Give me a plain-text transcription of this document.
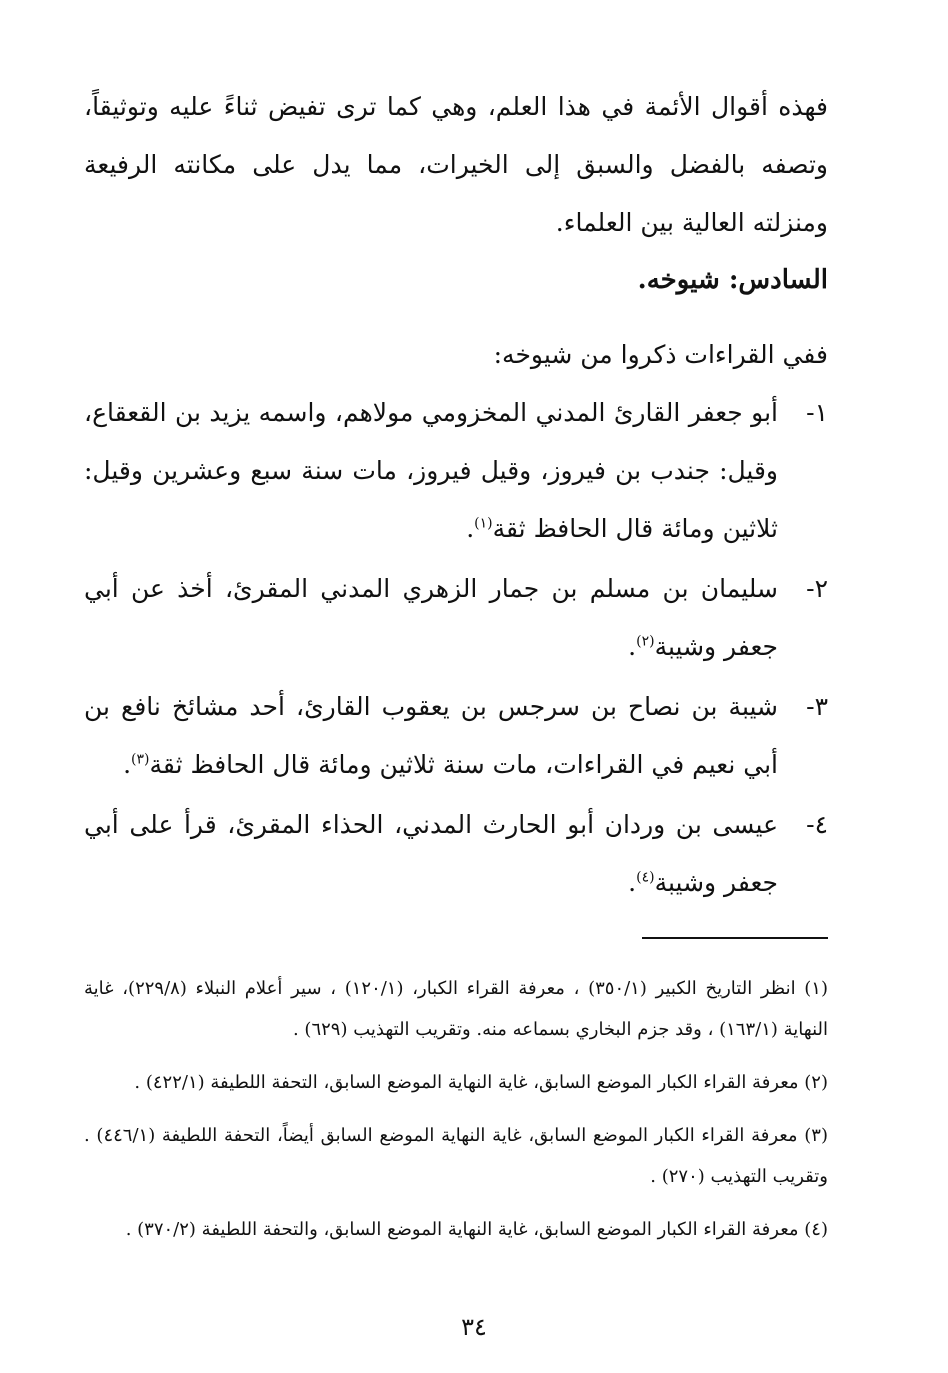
فهذه أقوال الأئمة في هذا العلم، وهي كما ترى تفيض ثناءً عليه وتوثيقاً، وتصفه بالفضل والسبق إلى الخيرات، مما يدل على مكانته الرفيعة ومنزلته العالية بين العلماء.

السادس: شيوخه.

ففي القراءات ذكروا من شيوخه:

١-
أبو جعفر القارئ المدني المخزومي مولاهم، واسمه يزيد بن القعقاع، وقيل: جندب بن فيروز، وقيل فيروز، مات سنة سبع وعشرين وقيل: ثلاثين ومائة قال الحافظ ثقة$^{(١)}$.
٢-
سليمان بن مسلم بن جمار الزهري المدني المقرئ، أخذ عن أبي جعفر وشيبة$^{(٢)}$.
٣-
شيبة بن نصاح بن سرجس بن يعقوب القارئ، أحد مشائخ نافع بن أبي نعيم في القراءات، مات سنة ثلاثين ومائة قال الحافظ ثقة$^{(٣)}$.
٤-
عيسى بن وردان أبو الحارث المدني، الحذاء المقرئ، قرأ على أبي جعفر وشيبة$^{(٤)}$.

(١) انظر التاريخ الكبير (٣٥٠/١) ، معرفة القراء الكبار، (١٢٠/١) ، سير أعلام النبلاء (٢٢٩/٨)، غاية النهاية (١٦٣/١) ، وقد جزم البخاري بسماعه منه. وتقريب التهذيب (٦٢٩) .

(٢) معرفة القراء الكبار الموضع السابق، غاية النهاية الموضع السابق، التحفة اللطيفة (٤٢٢/١) .

(٣) معرفة القراء الكبار الموضع السابق، غاية النهاية الموضع السابق أيضاً، التحفة اللطيفة (٤٤٦/١) . وتقريب التهذيب (٢٧٠) .

(٤) معرفة القراء الكبار الموضع السابق، غاية النهاية الموضع السابق، والتحفة اللطيفة (٣٧٠/٢) .

٣٤
